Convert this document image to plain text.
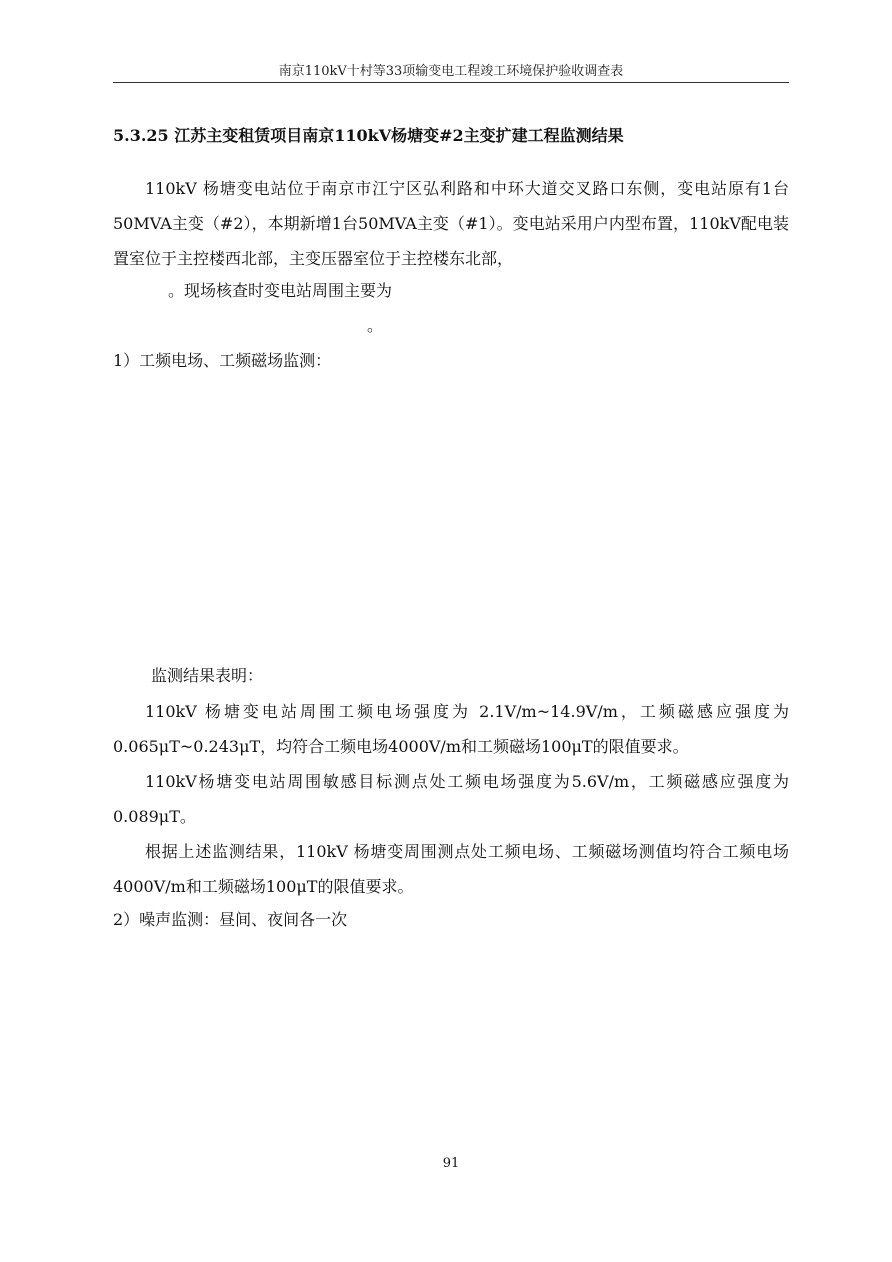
南京110kV十村等33项输变电工程竣工环境保护验收调查表
5.3.25 江苏主变租赁项目南京110kV杨塘变#2主变扩建工程监测结果
110kV 杨塘变电站位于南京市江宁区弘利路和中环大道交叉路口东侧，变电站原有1台50MVA主变（#2），本期新增1台50MVA主变（#1）。变电站采用户内型布置，110kV配电装置室位于主控楼西北部，主变压器室位于主控楼东北部，
。现场核查时变电站周围主要为
。
1）工频电场、工频磁场监测：
监测结果表明：
110kV 杨塘变电站周围工频电场强度为 2.1V/m~14.9V/m，工频磁感应强度为0.065μT~0.243μT，均符合工频电场4000V/m和工频磁场100μT的限值要求。
110kV杨塘变电站周围敏感目标测点处工频电场强度为5.6V/m，工频磁感应强度为0.089μT。
根据上述监测结果，110kV 杨塘变周围测点处工频电场、工频磁场测值均符合工频电场4000V/m和工频磁场100μT的限值要求。
2）噪声监测：昼间、夜间各一次
91
